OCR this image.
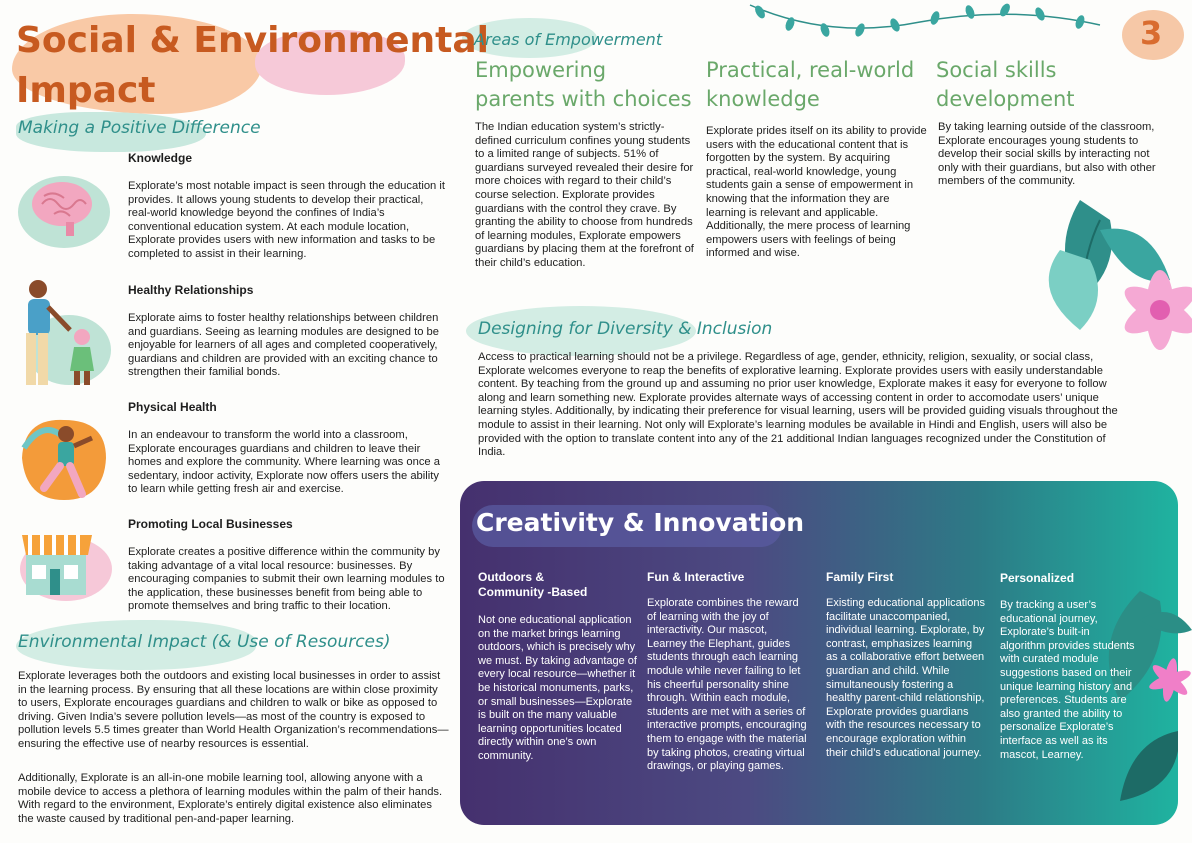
3
Social & Environmental
Impact
Making a Positive Difference
Knowledge
Explorate’s most notable impact is seen through the education it provides. It allows young students to develop their practical, real-world knowledge beyond the confines of India’s conventional education system. At each module location, Explorate provides users with new information and tasks to be completed to assist in their learning.
Healthy Relationships
Explorate aims to foster healthy relationships between children and guardians. Seeing as learning modules are designed to be enjoyable for learners of all ages and completed cooperatively, guardians and children are provided with an exciting chance to strengthen their familial bonds.
Physical Health
In an endeavour to transform the world into a classroom, Explorate encourages guardians and children to leave their homes and explore the community. Where learning was once a sedentary, indoor activity, Explorate now offers users the ability to learn while getting fresh air and exercise.
Promoting Local Businesses
Explorate creates a positive difference within the community by taking advantage of a vital local resource: businesses. By encouraging companies to submit their own learning modules to the application, these businesses benefit from being able to promote themselves and bring traffic to their location.
Environmental Impact (& Use of Resources)
Explorate leverages both the outdoors and existing local businesses in order to assist in the learning process. By ensuring that all these locations are within close proximity to users, Explorate encourages guardians and children to walk or bike as opposed to driving. Given India’s severe pollution levels—as most of the country is exposed to pollution levels 5.5 times greater than World Health Organization’s recommendations—ensuring the effective use of nearby resources is essential.
Additionally, Explorate is an all-in-one mobile learning tool, allowing anyone with a mobile device to access a plethora of learning modules within the palm of their hands. With regard to the environment, Explorate’s entirely digital existence also eliminates the waste caused by traditional pen-and-paper learning.
Areas of Empowerment
Empowering
parents with choices
The Indian education system’s strictly-defined curriculum confines young students to a limited range of subjects. 51% of guardians surveyed revealed their desire for more choices with regard to their child’s course selection. Explorate provides guardians with the control they crave. By granting the ability to choose from hundreds of learning modules, Explorate empowers guardians by placing them at the forefront of their child’s education.
Practical, real-world
knowledge
Explorate prides itself on its ability to provide users with the educational content that is forgotten by the system. By acquiring practical, real-world knowledge, young students gain a sense of empowerment in knowing that the information they are learning is relevant and applicable. Additionally, the mere process of learning empowers users with feelings of being informed and wise.
Social skills
development
By taking learning outside of the classroom, Explorate encourages young students to develop their social skills by interacting not only with their guardians, but also with other members of the community.
Designing for Diversity & Inclusion
Access to practical learning should not be a privilege. Regardless of age, gender, ethnicity, religion, sexuality, or social class, Explorate welcomes everyone to reap the benefits of explorative learning. Explorate provides users with easily understandable content. By teaching from the ground up and assuming no prior user knowledge, Explorate makes it easy for everyone to follow along and learn something new. Explorate provides alternate ways of accessing content in order to accomodate users’ unique learning styles. Additionally, by indicating their preference for visual learning, users will be provided guiding visuals throughout the module to assist in their learning. Not only will Explorate’s learning modules be available in Hindi and English, users will also be provided with the option to translate content into any of the 21 additional Indian languages recognized under the Constitution of India.
Creativity & Innovation
Outdoors & Community -Based
Not one educational application on the market brings learning outdoors, which is precisely why we must. By taking advantage of every local resource—whether it be historical monuments, parks, or small businesses—Explorate is built on the many valuable learning opportunities located directly within one’s own community.
Fun & Interactive
Explorate combines the reward of learning with the joy of interactivity. Our mascot, Learney the Elephant, guides students through each learning module while never failing to let his cheerful personality shine through. Within each module, students are met with a series of interactive prompts, encouraging them to engage with the material by taking photos, creating virtual drawings, or playing games.
Family First
Existing educational applications facilitate unaccompanied, individual learning. Explorate, by contrast, emphasizes learning as a collaborative effort between guardian and child. While simultaneously fostering a healthy parent-child relationship, Explorate provides guardians with the resources necessary to encourage exploration within their child’s educational journey.
Personalized
By tracking a user’s educational journey, Explorate’s built-in algorithm provides students with curated module suggestions based on their unique learning history and preferences. Students are also granted the ability to personalize Explorate’s interface as well as its mascot, Learney.
